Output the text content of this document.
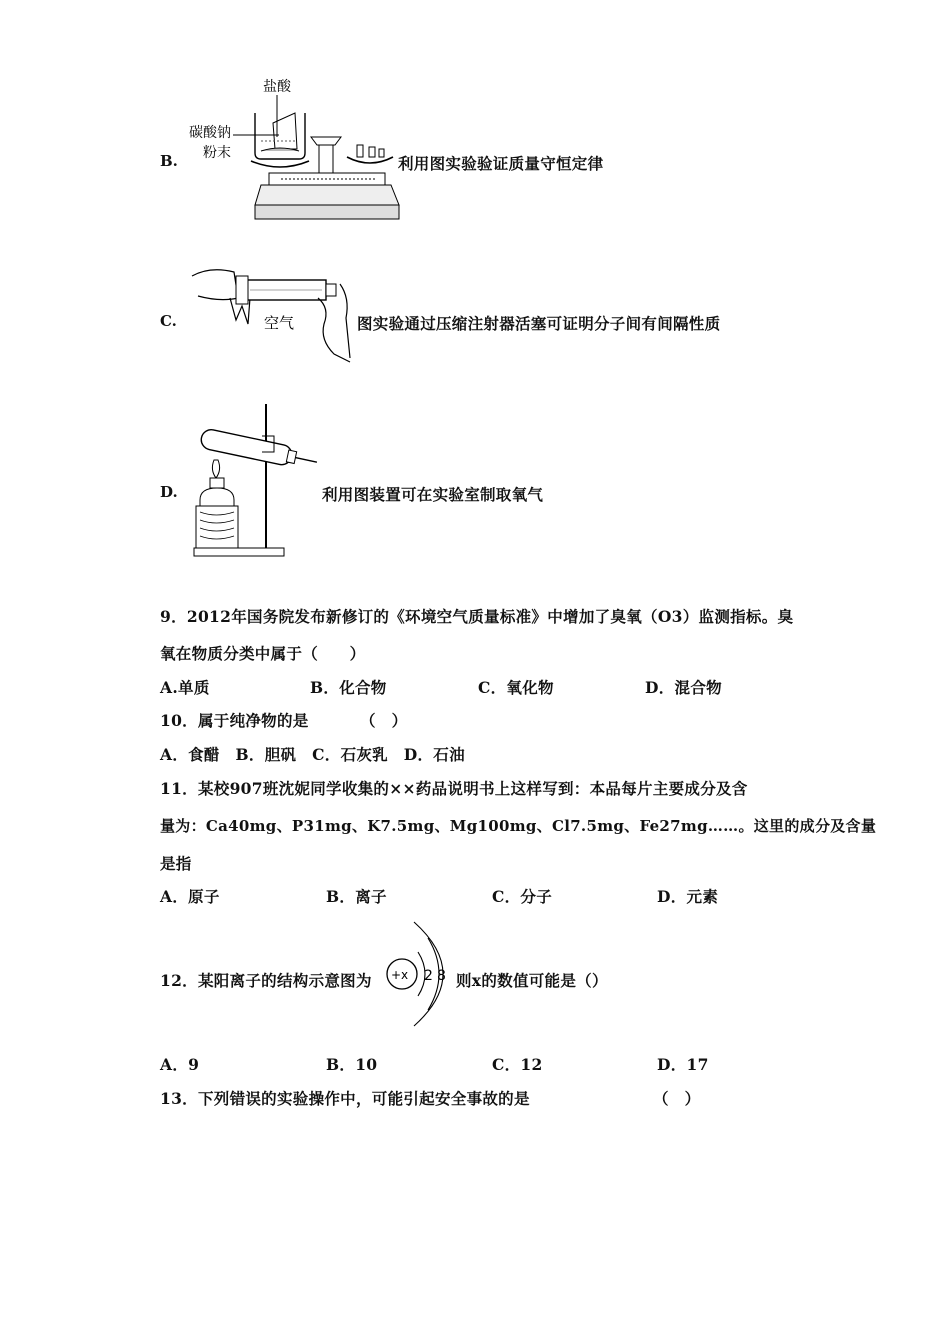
B.
盐酸
碳酸钠
粉末
利用图实验验证质量守恒定律
C.	空气	图实验通过压缩注射器活塞可证明分子间有间隔性质
D.	利用图装置可在实验室制取氧气
9．2012年国务院发布新修订的《环境空气质量标准》中增加了臭氧（O3）监测指标。臭
氧在物质分类中属于（　　）
A.单质	B．化合物	C．氧化物	D．混合物
10．属于纯净物的是	（　）
A．食醋　B．胆矾　C．石灰乳　D．石油
11．某校907班沈妮同学收集的××药品说明书上这样写到：本品每片主要成分及含
量为：Ca40mg、P31mg、K7.5mg、Mg100mg、Cl7.5mg、Fe27mg……。这里的成分及含量
是指
A．原子	B．离子	C．分子	D．元素
12．某阳离子的结构示意图为 +x 2 8 则x的数值可能是（）
A．9	B．10	C．12	D．17
13．下列错误的实验操作中，可能引起安全事故的是	（　）
